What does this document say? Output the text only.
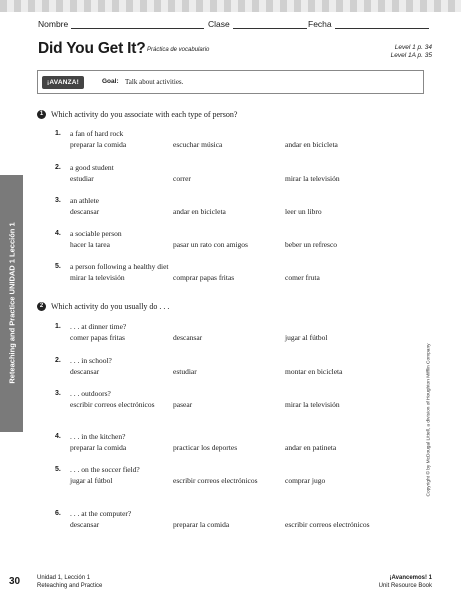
Nombre	Clase	Fecha
Did You Get It? Práctica de vocabulario	Level 1 p. 34
Level 1A p. 35
¡AVANZA!	Goal: Talk about activities.
Reteaching and Practice UNIDAD 1 Lección 1
Copyright © by McDougal Littell, a division of Houghton Mifflin Company
1 Which activity do you associate with each type of person?
1. a fan of hard rock
preparar la comida	escuchar música	andar en bicicleta
2. a good student
estudiar	correr	mirar la televisión
3. an athlete
descansar	andar en bicicleta	leer un libro
4. a sociable person
hacer la tarea	pasar un rato con amigos	beber un refresco
5. a person following a healthy diet
mirar la televisión	comprar papas fritas	comer fruta
2 Which activity do you usually do . . .
1. . . . at dinner time?
comer papas fritas	descansar	jugar al fútbol
2. . . . in school?
descansar	estudiar	montar en bicicleta
3. . . . outdoors?
escribir correos electrónicos	pasear	mirar la televisión
4. . . . in the kitchen?
preparar la comida	practicar los deportes	andar en patineta
5. . . . on the soccer field?
jugar al fútbol	escribir correos electrónicos	comprar jugo
6. . . . at the computer?
descansar	preparar la comida	escribir correos electrónicos
30	Unidad 1, Lección 1
Reteaching and Practice
¡Avancemos! 1
Unit Resource Book
